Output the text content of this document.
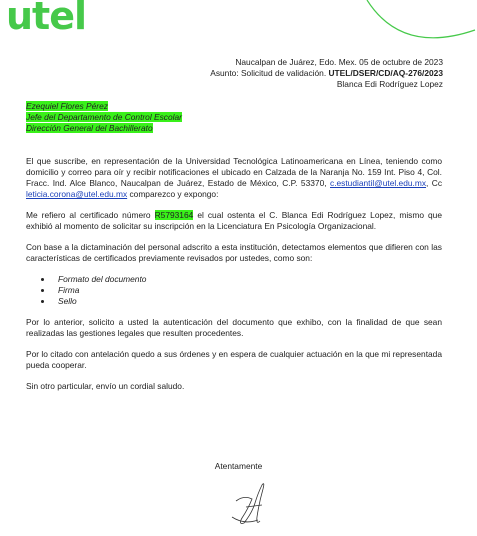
utel
Naucalpan de Juárez, Edo. Mex. 05 de octubre de 2023
Asunto: Solicitud de validación. UTEL/DSER/CD/AQ-276/2023
Blanca Edi Rodríguez Lopez
Ezequiel Flores Pérez
Jefe del Departamento de Control Escolar
Dirección General del Bachillerato

El que suscribe, en representación de la Universidad Tecnológica Latinoamericana en Línea, teniendo como domicilio y correo para oír y recibir notificaciones el ubicado en Calzada de la Naranja No. 159 Int. Piso 4, Col. Fracc. Ind. Alce Blanco, Naucalpan de Juárez, Estado de México, C.P. 53370, c.estudiantil@utel.edu.mx, Cc leticia.corona@utel.edu.mx comparezco y expongo:

Me refiero al certificado número R5793164 el cual ostenta el C. Blanca Edi Rodríguez Lopez, mismo que exhibió al momento de solicitar su inscripción en la Licenciatura En Psicología Organizacional.

Con base a la dictaminación del personal adscrito a esta institución, detectamos elementos que difieren con las características de certificados previamente revisados por ustedes, como son:

Formato del documento
Firma
Sello

Por lo anterior, solicito a usted la autenticación del documento que exhibo, con la finalidad de que sean realizadas las gestiones legales que resulten procedentes.

Por lo citado con antelación quedo a sus órdenes y en espera de cualquier actuación en la que mi representada pueda cooperar.

Sin otro particular, envío un cordial saludo.

Atentamente
